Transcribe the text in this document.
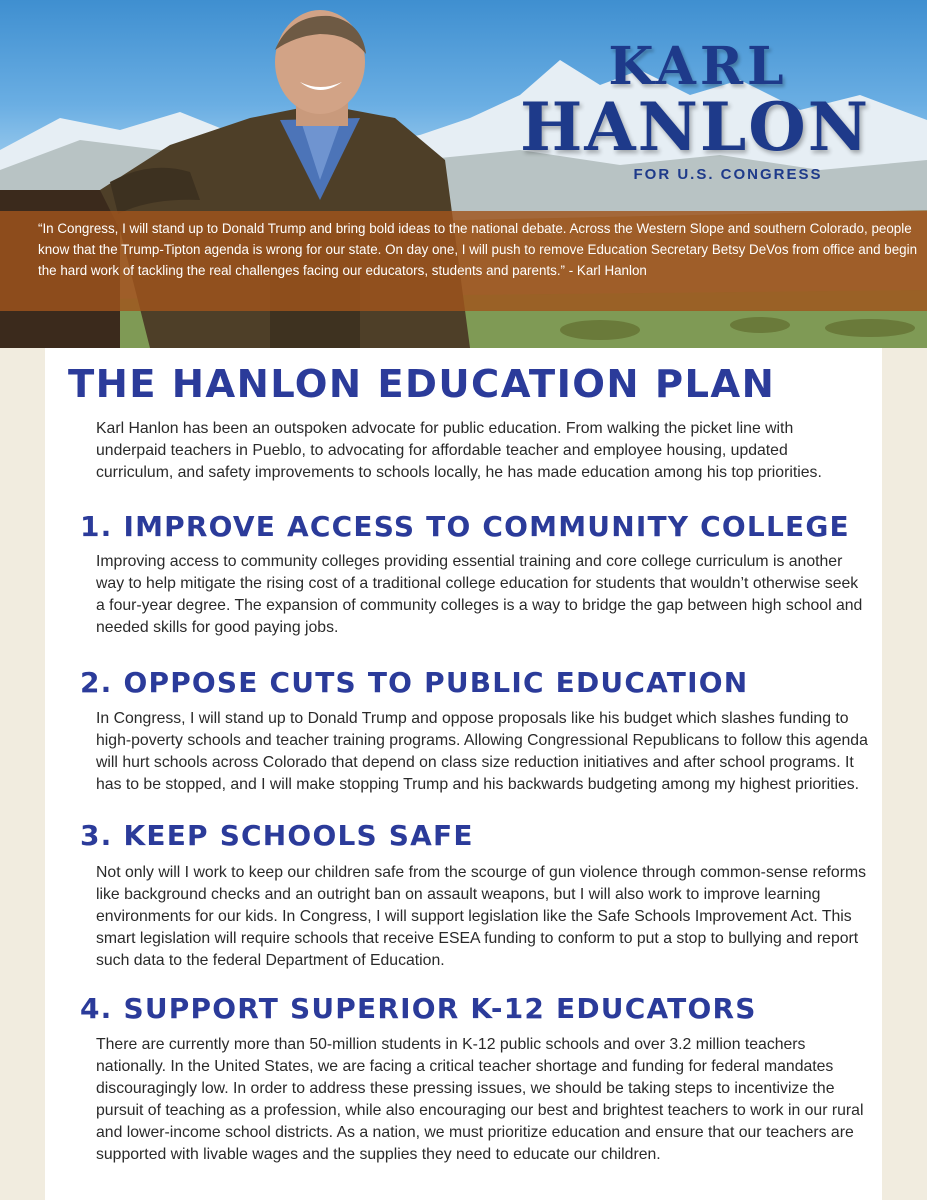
KARL
HANLON
FOR U.S. CONGRESS
“In Congress, I will stand up to Donald Trump and bring bold ideas to the national debate. Across the Western Slope and southern Colorado, people know that the Trump-Tipton agenda is wrong for our state. On day one, I will push to remove Education Secretary Betsy DeVos from office and begin the hard work of tackling the real challenges facing our educators, students and parents.” - Karl Hanlon
THE HANLON EDUCATION PLAN

Karl Hanlon has been an outspoken advocate for public education. From walking the picket line with underpaid teachers in Pueblo, to advocating for affordable teacher and employee housing, updated curriculum, and safety improvements to schools locally, he has made education among his top priorities.

1. IMPROVE ACCESS TO COMMUNITY COLLEGE

Improving access to community colleges providing essential training and core college curriculum is another way to help mitigate the rising cost of a traditional college education for students that wouldn’t otherwise seek a four-year degree. The expansion of community colleges is a way to bridge the gap between high school and needed skills for good paying jobs.

2. OPPOSE CUTS TO PUBLIC EDUCATION

In Congress, I will stand up to Donald Trump and oppose proposals like his budget which slashes funding to high-poverty schools and teacher training programs. Allowing Congressional Republicans to follow this agenda will hurt schools across Colorado that depend on class size reduction initiatives and after school programs. It has to be stopped, and I will make stopping Trump and his backwards budgeting among my highest priorities.

3. KEEP SCHOOLS SAFE

Not only will I work to keep our children safe from the scourge of gun violence through common-sense reforms like background checks and an outright ban on assault weapons, but I will also work to improve learning environments for our kids. In Congress, I will support legislation like the Safe Schools Improvement Act. This smart legislation will require schools that receive ESEA funding to conform to put a stop to bullying and report such data to the federal Department of Education.

4. SUPPORT SUPERIOR K-12 EDUCATORS

There are currently more than 50-million students in K-12 public schools and over 3.2 million teachers nationally. In the United States, we are facing a critical teacher shortage and funding for federal mandates discouragingly low. In order to address these pressing issues, we should be taking steps to incentivize the pursuit of teaching as a profession, while also encouraging our best and brightest teachers to work in our rural and lower-income school districts. As a nation, we must prioritize education and ensure that our teachers are supported with livable wages and the supplies they need to educate our children.
